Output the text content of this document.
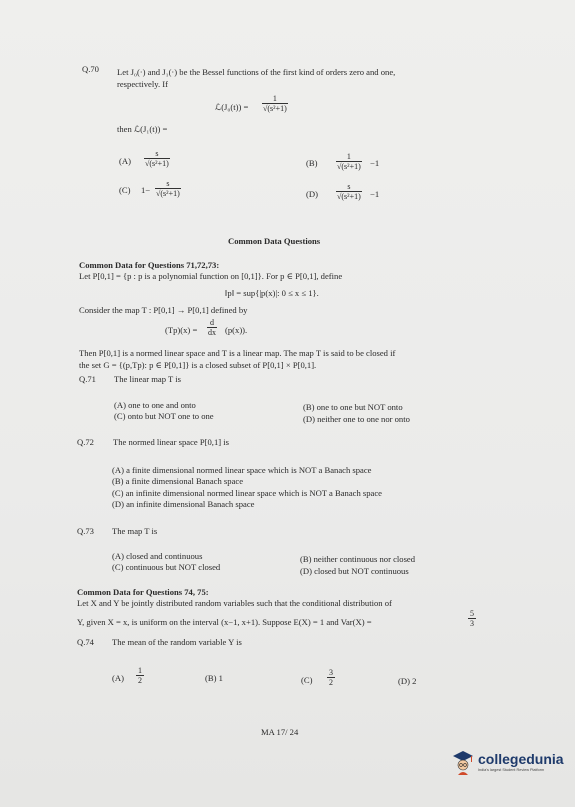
Q.70 Let J₀(·) and J₁(·) be the Bessel functions of the first kind of orders zero and one,
respectively. If
ℒ(J₀(t)) = $\frac{1}{\text{√(s²+1)}}$
then ℒ(J₁(t)) =
$(A) \frac{s}{\text{√(s²+1)}}$	$(B) \frac{1}{\text{√(s²+1)}} -1$
(C) $1- \frac{s}{\text{√(s²+1)}}$	$(D) \frac{s}{\text{√(s²+1)}} -1$
Common Data Questions
Common Data for Questions 71,72,73:
Let P[0,1] = {p : p is a polynomial function on [0,1]}. For p ∈ P[0,1], define
‖p‖ = sup{|p(x)|: 0 ≤ x ≤ 1}.
Consider the map T : P[0,1] → P[0,1] defined by
$(Tp)(x) = \frac{d}{dx} (p(x))$.
Then P[0,1] is a normed linear space and T is a linear map. The map T is said to be closed if
the set G = {(p,Tp): p ∈ P[0,1]} is a closed subset of P[0,1] × P[0,1].
Q.71 The linear map T is
(A) one to one and onto	(B) one to one but NOT onto
(C) onto but NOT one to one	(D) neither one to one nor onto
Q.72 The normed linear space P[0,1] is
(A) a finite dimensional normed linear space which is NOT a Banach space
(B) a finite dimensional Banach space
(C) an infinite dimensional normed linear space which is NOT a Banach space
(D) an infinite dimensional Banach space
Q.73 The map T is
(A) closed and continuous	(B) neither continuous nor closed
(C) continuous but NOT closed	(D) closed but NOT continuous
Common Data for Questions 74, 75:
Let X and Y be jointly distributed random variables such that the conditional distribution of
Y, given X = x, is uniform on the interval (x−1, x+1). Suppose E(X) = 1 and Var(X) =	$\frac{5}{3}$
Q.74 The mean of the random variable Y is
$(A) \frac{1}{2}$	(B) 1	$(C) \frac{3}{2}$	(D) 2
MA 17/ 24
collegedunia
India's largest Student Review Platform
